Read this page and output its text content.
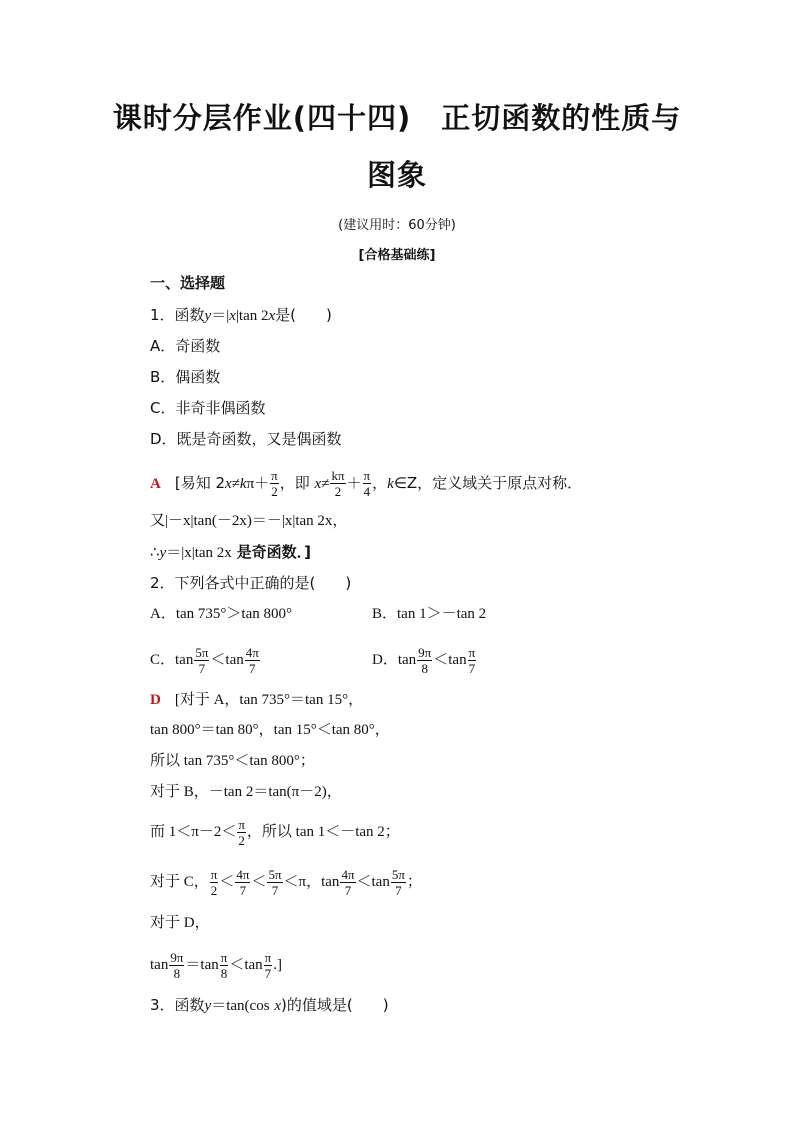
课时分层作业(四十四)　正切函数的性质与
图象
(建议用时：60分钟)
[合格基础练]
一、选择题
1．函数y＝|x|tan 2x是(　　)
A．奇函数
B．偶函数
C．非奇非偶函数
D．既是奇函数，又是偶函数
A [易知 $2x\ne k\pi+ \frac{\pi}{2}$ ，即 $x\ne \frac{k\pi}{2} + \frac{\pi}{4}$ ，k∈Z，定义域关于原点对称．
又|－x|tan(－2x)＝－|x|tan 2x，
∴y＝|x|tan 2x 是奇函数．]
2．下列各式中正确的是(　　)
A．tan 735°＞tan 800°	B．tan 1＞－tan 2
C．$\tan \frac{5\pi}{7} <\tan \frac{4\pi}{7}$	D．$\tan \frac{9\pi}{8} <\tan \frac{\pi}{7}$
D [对于 A，tan 735°＝tan 15°，
tan 800°＝tan 80°，tan 15°＜tan 80°，
所以 tan 735°＜tan 800°；
对于 B，－tan 2＝tan(π－2)，
而 $1<\pi-2< \frac{\pi}{2}$ ，所以 tan 1＜－tan 2；
对于 C， $\frac{\pi}{2} < \frac{4\pi}{7} < \frac{5\pi}{7} <\pi$，$\tan \frac{4\pi}{7} <\tan \frac{5\pi}{7}$ ；
对于 D，
$\tan \frac{9\pi}{8} =\tan \frac{\pi}{8} <\tan \frac{\pi}{7}$ .]
3．函数y＝tan(cos x)的值域是(　　)
